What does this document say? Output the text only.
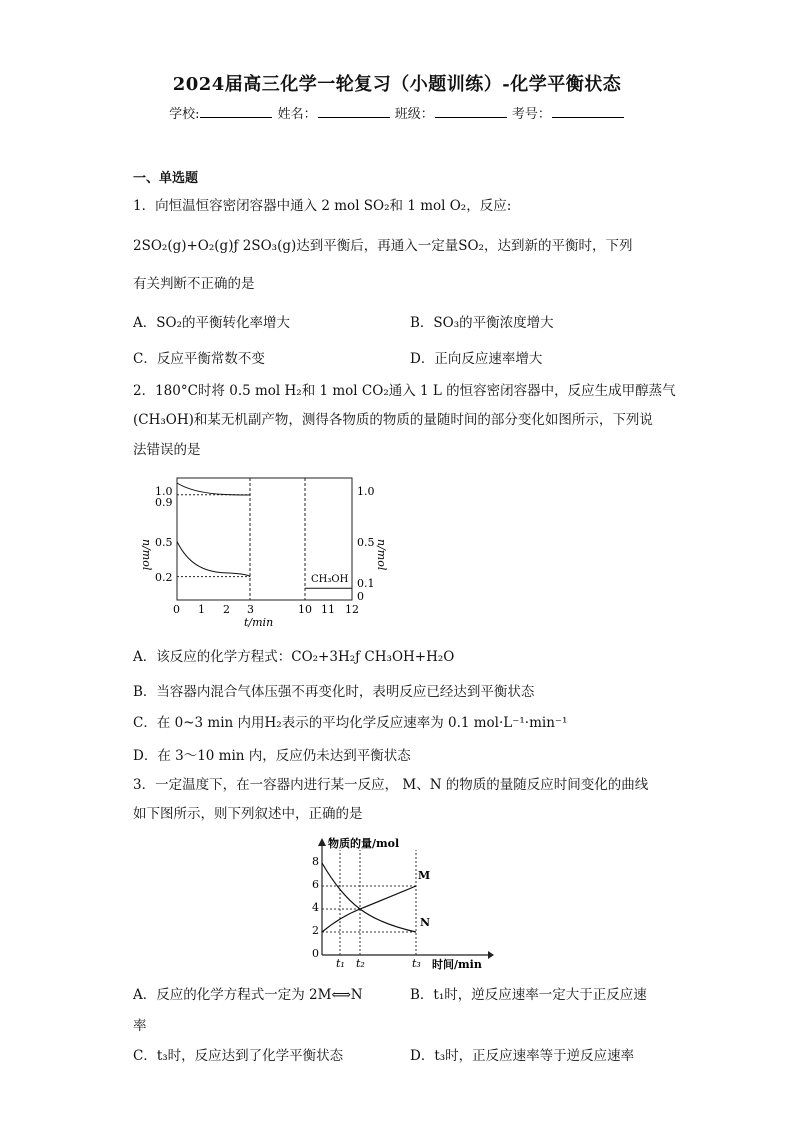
2024届高三化学一轮复习（小题训练）-化学平衡状态
学校:	姓名：	班级：	考号：
一、单选题
1．向恒温恒容密闭容器中通入 2 mol SO₂和 1 mol O₂，反应:
2SO₂(g)+O₂(g)ƒ 2SO₃(g)达到平衡后，再通入一定量SO₂，达到新的平衡时，下列
有关判断不正确的是
A．SO₂的平衡转化率增大	B．SO₃的平衡浓度增大
C．反应平衡常数不变	D．正向反应速率增大
2．180°C时将 0.5 mol H₂和 1 mol CO₂通入 1 L 的恒容密闭容器中，反应生成甲醇蒸气
(CH₃OH)和某无机副产物，测得各物质的物质的量随时间的部分变化如图所示，下列说
法错误的是
1.0
0.9
0.5
0.2
1.0
0.5
0.1
0
n/mol	n/mol
0 1 2 3	10 11 12
t/min
CH₃OH
A．该反应的化学方程式：CO₂+3H₂ƒ CH₃OH+H₂O
B．当容器内混合气体压强不再变化时，表明反应已经达到平衡状态
C．在 0~3 min 内用H₂表示的平均化学反应速率为 0.1 mol·L⁻¹·min⁻¹
D．在 3～10 min 内，反应仍未达到平衡状态
3．一定温度下，在一容器内进行某一反应， M、N 的物质的量随反应时间变化的曲线
如下图所示，则下列叙述中，正确的是
物质的量/mol
8
6
4
2
0
t₁ t₂	t₃ 时间/min
M
N
A．反应的化学方程式一定为 2M⟺N	B．t₁时，逆反应速率一定大于正反应速
率
C．t₃时，反应达到了化学平衡状态	D．t₃时，正反应速率等于逆反应速率
